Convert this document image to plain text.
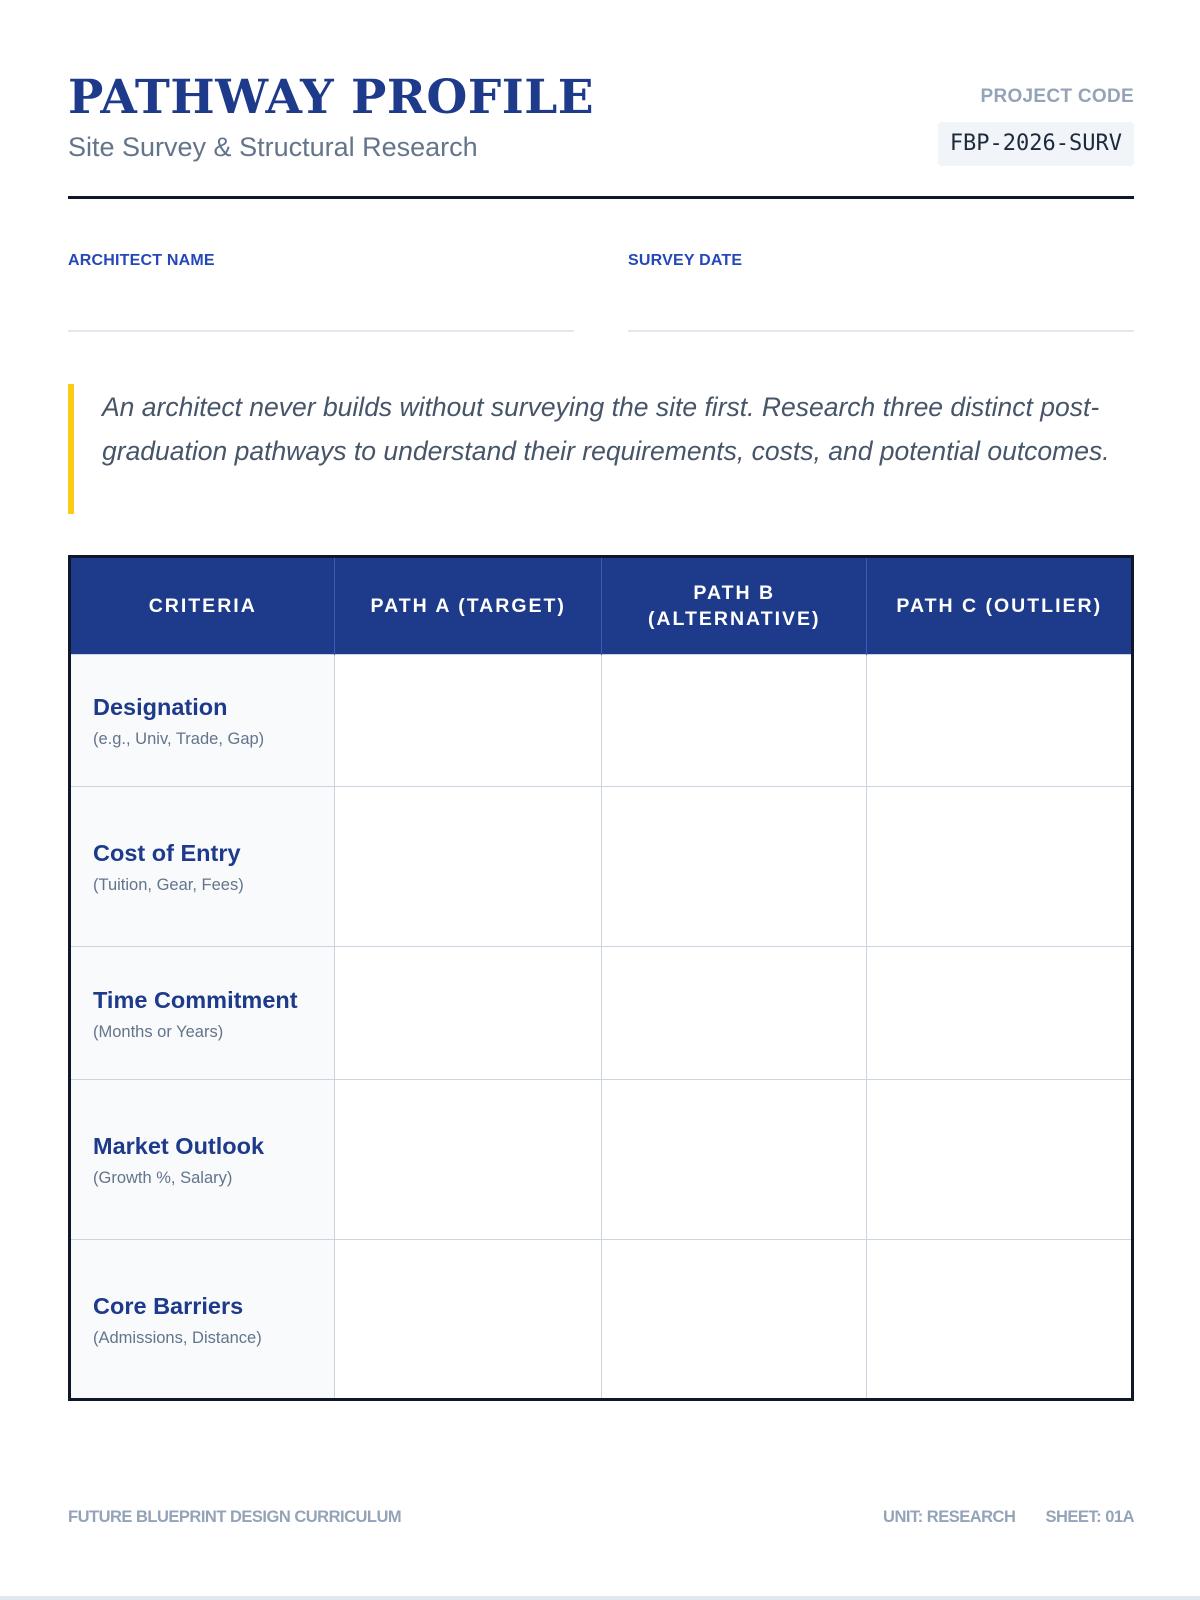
PATHWAY PROFILE
Site Survey & Structural Research
PROJECT CODE
FBP-2026-SURV
ARCHITECT NAME	SURVEY DATE
An architect never builds without surveying the site first. Research three distinct post-graduation pathways to understand their requirements, costs, and potential outcomes.
CRITERIA	PATH A (TARGET)	PATH B (ALTERNATIVE)	PATH C (OUTLIER)

Designation
(e.g., Univ, Trade, Gap)			

Cost of Entry
(Tuition, Gear, Fees)			

Time Commitment
(Months or Years)			

Market Outlook
(Growth %, Salary)			

Core Barriers
(Admissions, Distance)			

FUTURE BLUEPRINT DESIGN CURRICULUM	UNIT: RESEARCH SHEET: 01A
